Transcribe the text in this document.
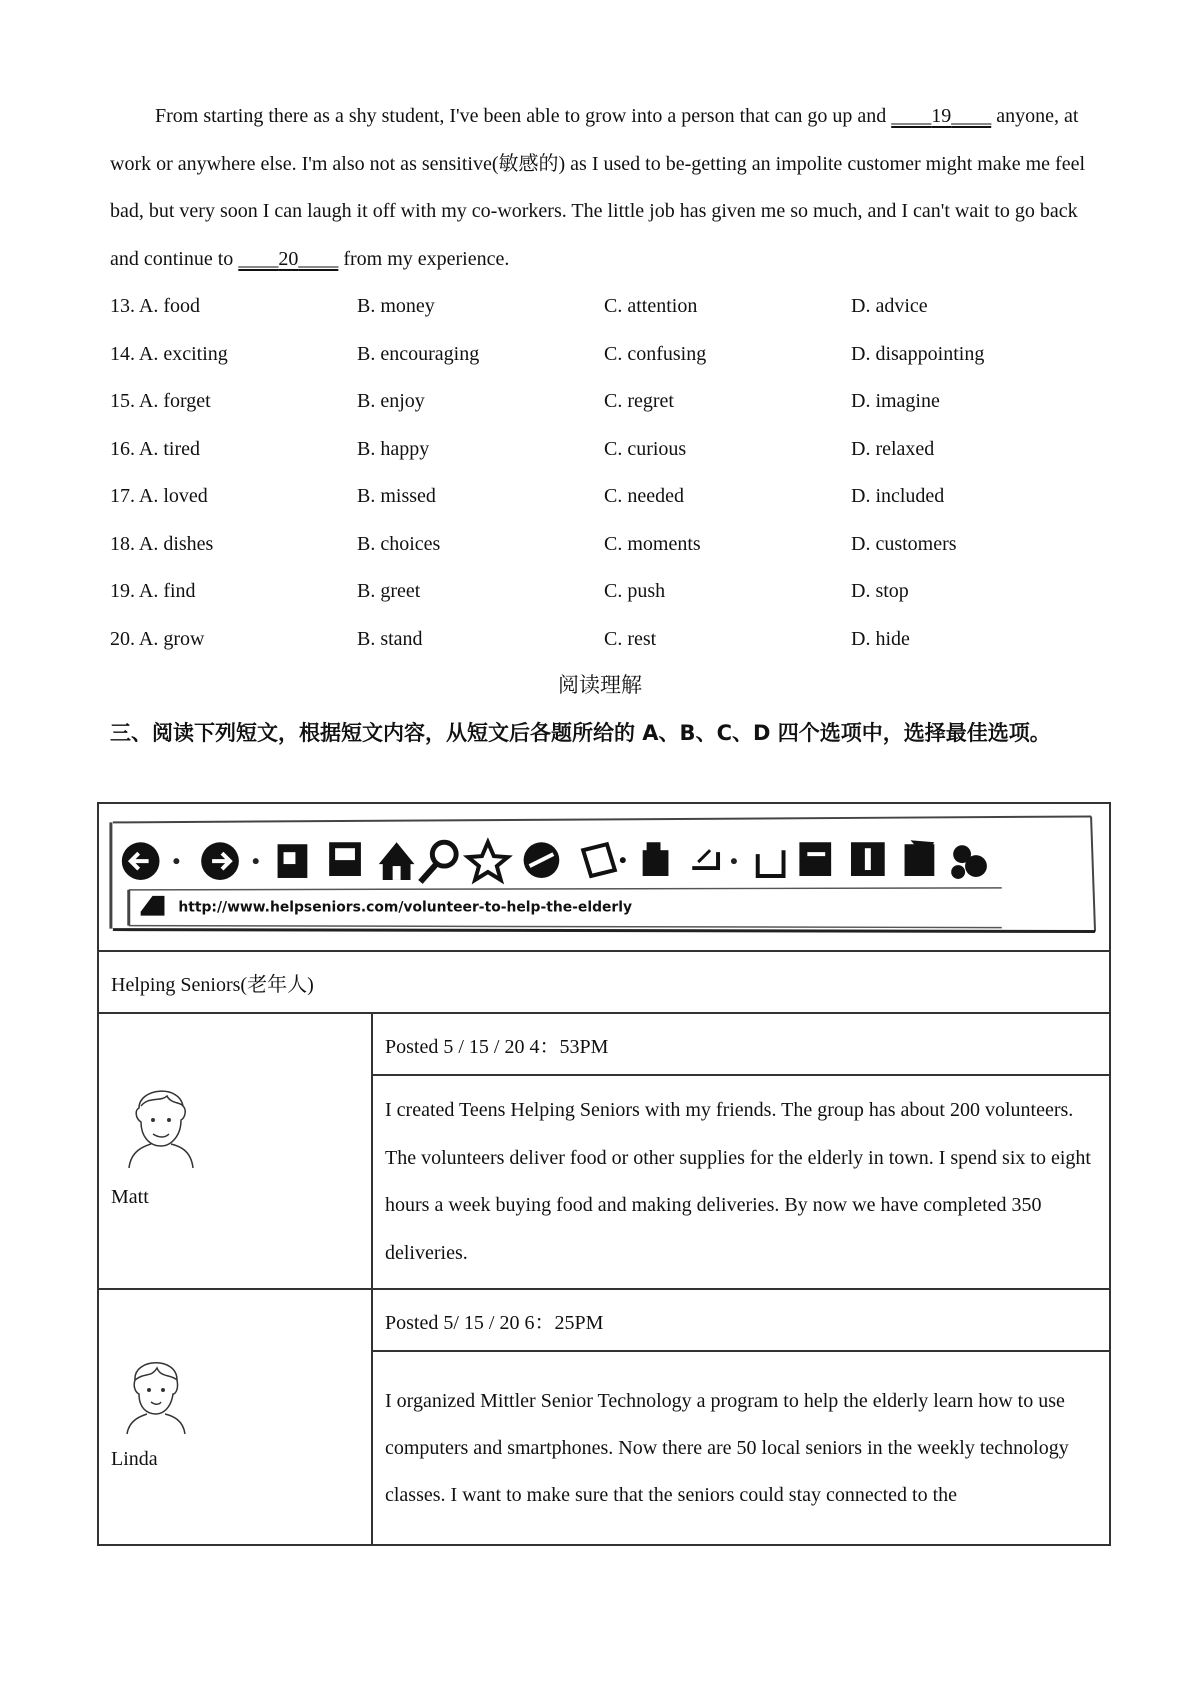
From starting there as a shy student, I've been able to grow into a person that can go up and ____19____ anyone, at work or anywhere else. I'm also not as sensitive(敏感的) as I used to be-getting an impolite customer might make me feel bad, but very soon I can laugh it off with my co-workers. The little job has given me so much, and I can't wait to go back and continue to ____20____ from my experience.

13. A. food	B. money	C. attention	D. advice
14. A. exciting	B. encouraging	C. confusing	D. disappointing
15. A. forget	B. enjoy	C. regret	D. imagine
16. A. tired	B. happy	C. curious	D. relaxed
17. A. loved	B. missed	C. needed	D. included
18. A. dishes	B. choices	C. moments	D. customers
19. A. find	B. greet	C. push	D. stop
20. A. grow	B. stand	C. rest	D. hide
阅读理解

三、阅读下列短文，根据短文内容，从短文后各题所给的 A、B、C、D 四个选项中，选择最佳选项。

http://www.helpseniors.com/volunteer-to-help-the-elderly	

Helping Seniors(老年人)	

Matt	Posted 5 / 15 / 20 4：53PM
	I created Teens Helping Seniors with my friends. The group has about 200 volunteers. The volunteers deliver food or other supplies for the elderly in town. I spend six to eight hours a week buying food and making deliveries. By now we have completed 350 deliveries.

Linda	Posted 5/ 15 / 20 6：25PM
	I organized Mittler Senior Technology a program to help the elderly learn how to use computers and smartphones. Now there are 50 local seniors in the weekly technology classes. I want to make sure that the seniors could stay connected to the
